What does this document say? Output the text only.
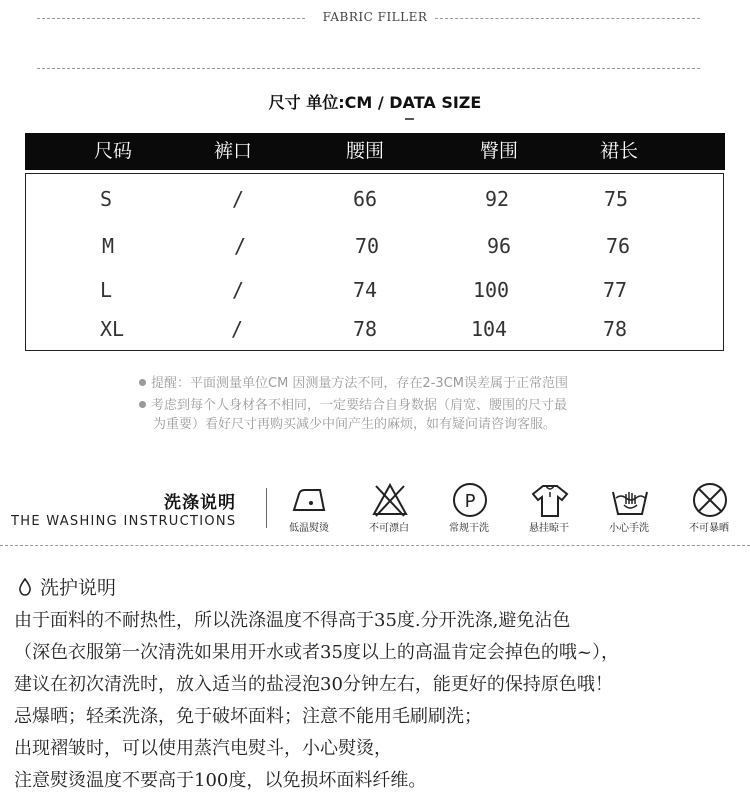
FABRIC FILLER
尺寸 单位:CM / DATA SIZE
尺码	裤口	腰围	臀围	裙长
S	/	66	92	75
M	/	70	96	76
L	/	74	100	77
XL	/	78	104	78
提醒：平面测量单位CM 因测量方法不同，存在2-3CM误差属于正常范围
考虑到每个人身材各不相同，一定要结合自身数据（肩宽、腰围的尺寸最
为重要）看好尺寸再购买减少中间产生的麻烦，如有疑问请咨询客服。
洗涤说明
THE WASHING INSTRUCTIONS	低温熨烫	不可漂白
P
常规干洗	悬挂晾干	小心手洗	不可暴晒
洗护说明
由于面料的不耐热性，所以洗涤温度不得高于35度.分开洗涤,避免沾色
（深色衣服第一次清洗如果用开水或者35度以上的高温肯定会掉色的哦~），
建议在初次清洗时，放入适当的盐浸泡30分钟左右，能更好的保持原色哦！
忌爆晒；轻柔洗涤，免于破坏面料；注意不能用毛刷刷洗；
出现褶皱时，可以使用蒸汽电熨斗，小心熨烫，
注意熨烫温度不要高于100度，以免损坏面料纤维。
